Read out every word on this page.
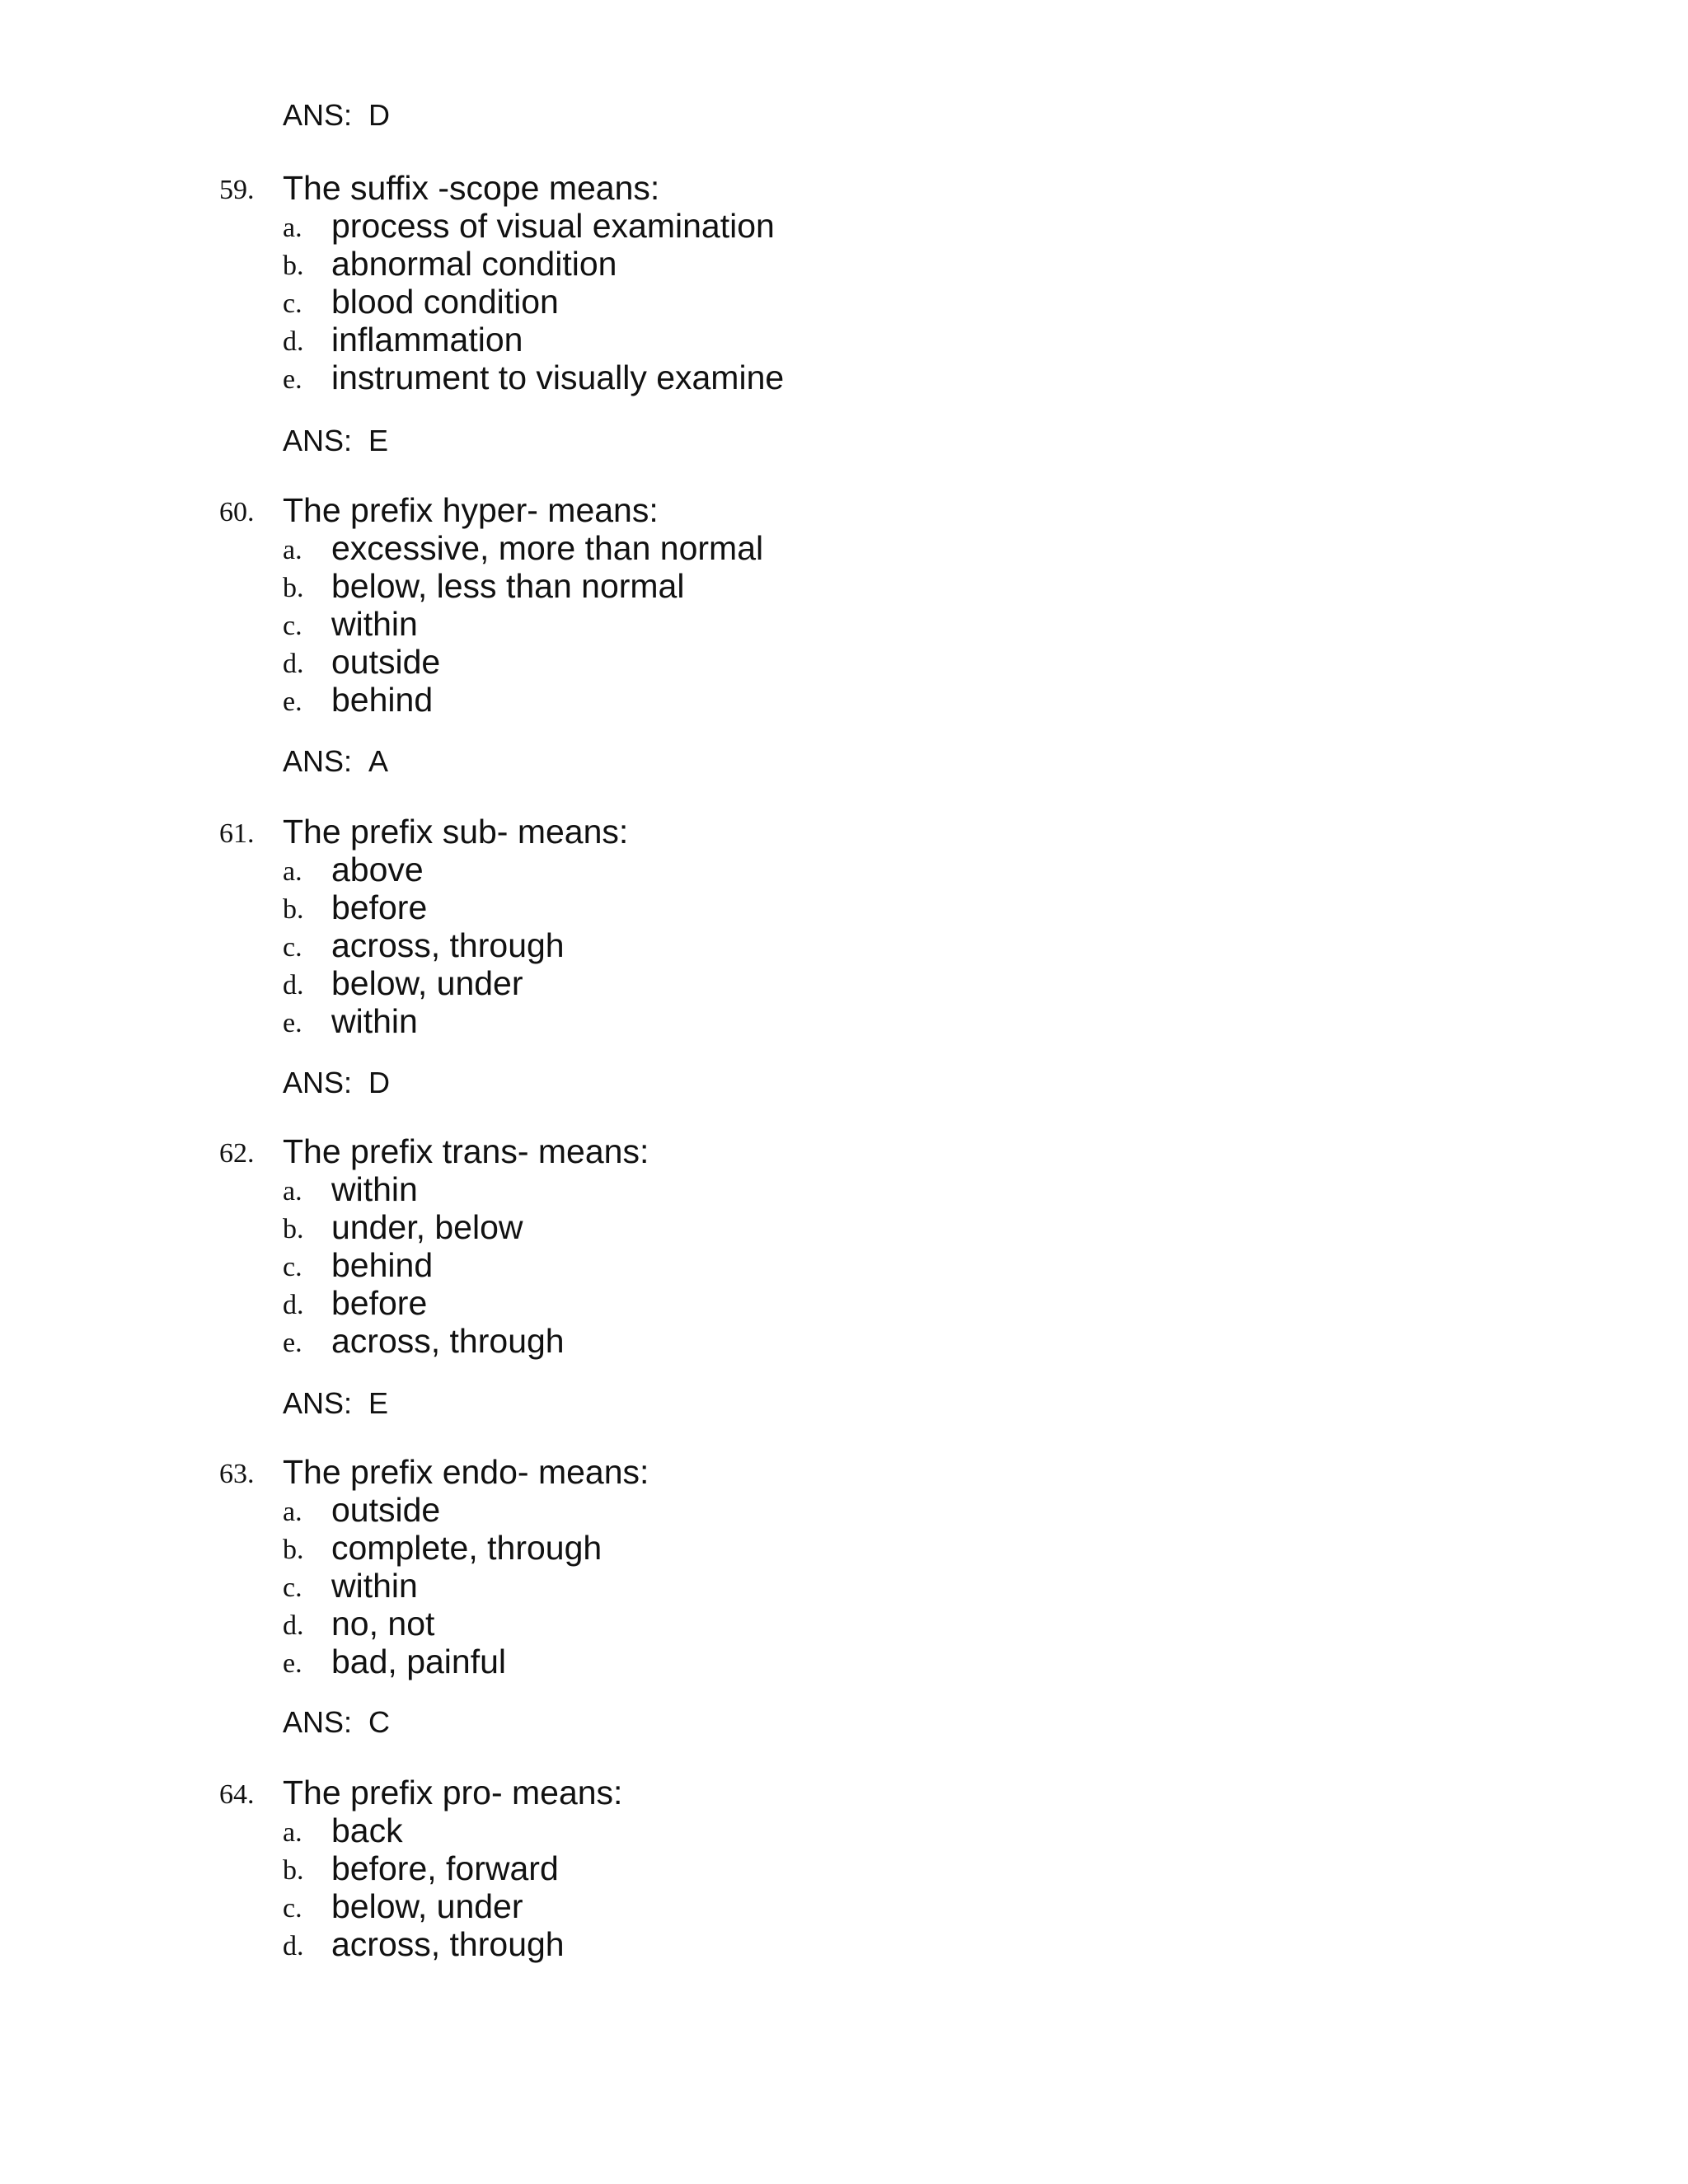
ANS: D
59. The suffix -scope means:
a. process of visual examination
b. abnormal condition
c. blood condition
d. inflammation
e. instrument to visually examine
ANS: E
60. The prefix hyper- means:
a. excessive, more than normal
b. below, less than normal
c. within
d. outside
e. behind
ANS: A
61. The prefix sub- means:
a. above
b. before
c. across, through
d. below, under
e. within
ANS: D
62. The prefix trans- means:
a. within
b. under, below
c. behind
d. before
e. across, through
ANS: E
63. The prefix endo- means:
a. outside
b. complete, through
c. within
d. no, not
e. bad, painful
ANS: C
64. The prefix pro- means:
a. back
b. before, forward
c. below, under
d. across, through
